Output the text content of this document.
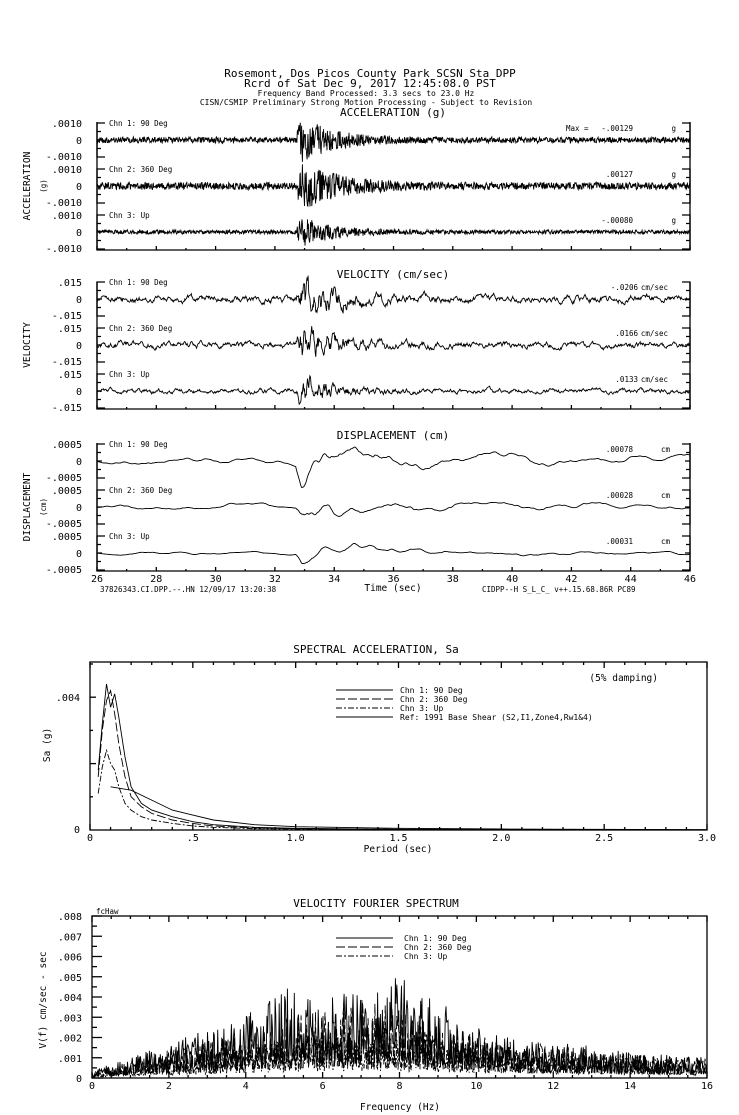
Rosemont, Dos Picos County Park SCSN Sta DPP
Rcrd of Sat Dec 9, 2017 12:45:08.0 PST
Frequency Band Processed: 3.3 secs to 23.0 Hz
CISN/CSMIP Preliminary Strong Motion Processing - Subject to Revision
ACCELERATION (g)
ACCELERATION (g)
.0010
0
-.0010
Chn 1: 90 Deg
Max = -.00129	g
.0010
0
-.0010
Chn 2: 360 Deg
.00127	g
.0010
0
-.0010
Chn 3: Up
-.00080	g
VELOCITY (cm/sec)
VELOCITY
.015
0
-.015
Chn 1: 90 Deg
-.0206 cm/sec
.015
0
-.015
Chn 2: 360 Deg
.0166 cm/sec
.015
0
-.015
Chn 3: Up
.0133 cm/sec
DISPLACEMENT (cm)
DISPLACEMENT (cm)
.0005
0
-.0005
Chn 1: 90 Deg
.00078	cm
.0005
0
-.0005
Chn 2: 360 Deg
.00028	cm
.0005
0
-.0005
Chn 3: Up
.00031	cm
26	28	30	32	34	36	38	40	42	44	46
Time (sec)
37826343.CI.DPP.--.HN 12/09/17 13:20:38	CIDPP--H S_L_C_ v++.15.68.86R PC89
SPECTRAL ACCELERATION, Sa
0	.5	1.0	1.5	2.0	2.5	3.0
.004
0
Sa (g)
Period (sec)
(5% damping)
Chn 1: 90 Deg
Chn 2: 360 Deg
Chn 3: Up
Ref: 1991 Base Shear (S2,I1,Zone4,Rw1&4)
VELOCITY FOURIER SPECTRUM
fcHaw
0	2	4	6	8	10	12	14	16
.008
.007
.006
.005
.004
.003
.002
.001
0
V(f) cm/sec - sec
Frequency (Hz)
Chn 1: 90 Deg
Chn 2: 360 Deg
Chn 3: Up
